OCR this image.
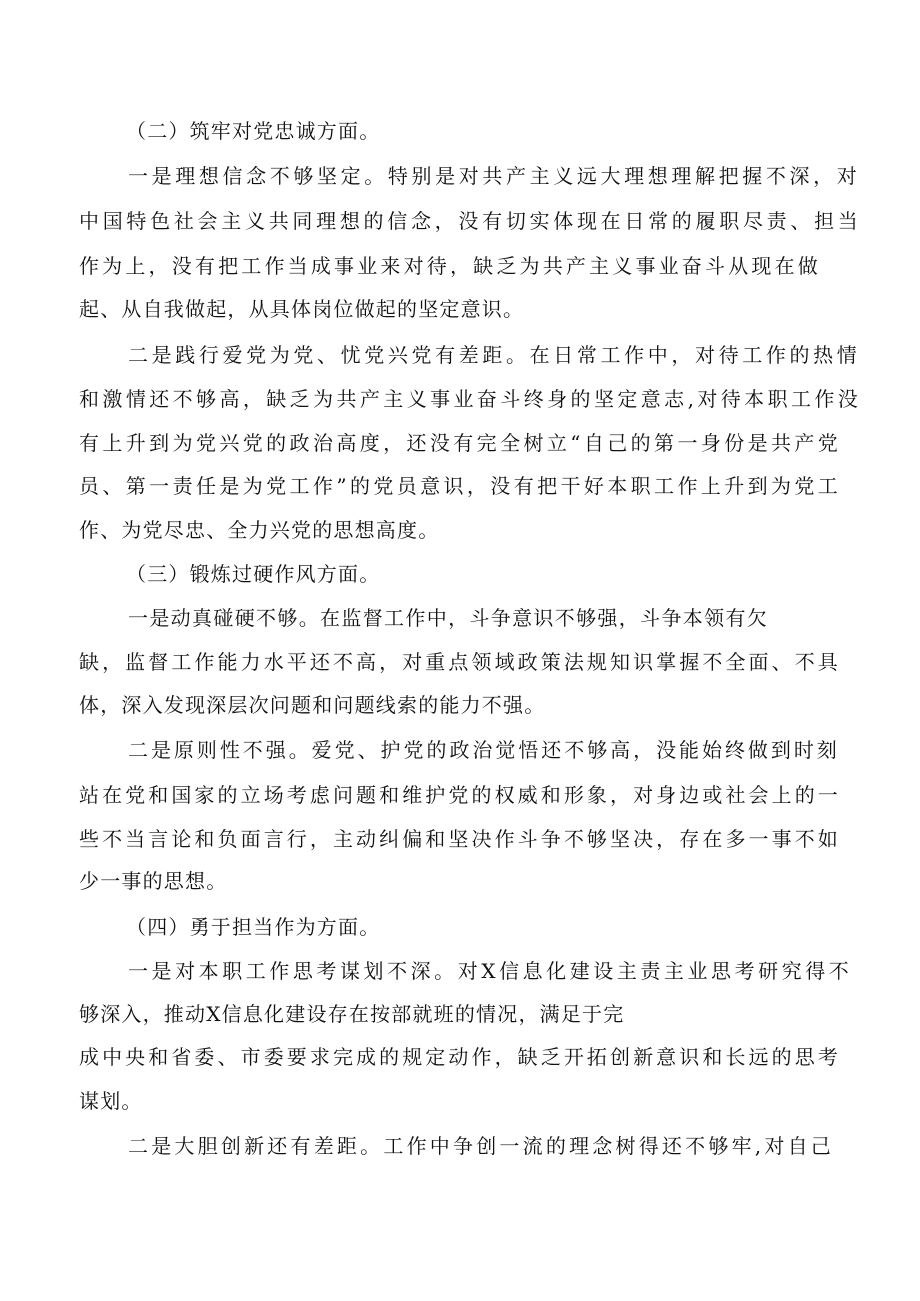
（二）筑牢对党忠诚方面。
一是理想信念不够坚定。特别是对共产主义远大理想理解把握不深，对
中国特色社会主义共同理想的信念，没有切实体现在日常的履职尽责、担当
作为上，没有把工作当成事业来对待，缺乏为共产主义事业奋斗从现在做
起、从自我做起，从具体岗位做起的坚定意识。
二是践行爱党为党、忧党兴党有差距。在日常工作中，对待工作的热情
和激情还不够高，缺乏为共产主义事业奋斗终身的坚定意志,对待本职工作没
有上升到为党兴党的政治高度，还没有完全树立“自己的第一身份是共产党
员、第一责任是为党工作”的党员意识，没有把干好本职工作上升到为党工
作、为党尽忠、全力兴党的思想高度。
（三）锻炼过硬作风方面。
一是动真碰硬不够。在监督工作中，斗争意识不够强，斗争本领有欠
缺，监督工作能力水平还不高，对重点领域政策法规知识掌握不全面、不具
体，深入发现深层次问题和问题线索的能力不强。
二是原则性不强。爱党、护党的政治觉悟还不够高，没能始终做到时刻
站在党和国家的立场考虑问题和维护党的权威和形象，对身边或社会上的一
些不当言论和负面言行，主动纠偏和坚决作斗争不够坚决，存在多一事不如
少一事的思想。
（四）勇于担当作为方面。
一是对本职工作思考谋划不深。对X信息化建设主责主业思考研究得不
够深入，推动X信息化建设存在按部就班的情况，满足于完
成中央和省委、市委要求完成的规定动作，缺乏开拓创新意识和长远的思考
谋划。
二是大胆创新还有差距。工作中争创一流的理念树得还不够牢,对自己
